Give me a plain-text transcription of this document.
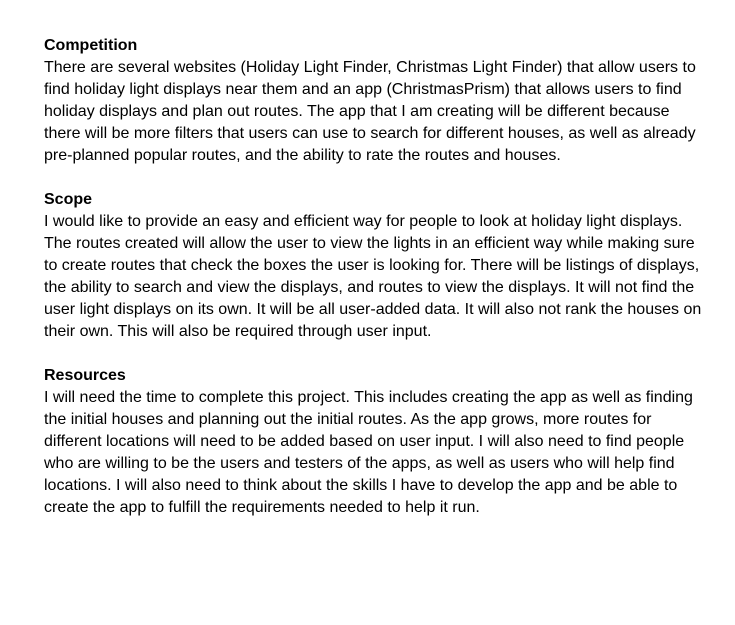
Competition

There are several websites (Holiday Light Finder, Christmas Light Finder) that allow users to find holiday light displays near them and an app (ChristmasPrism) that allows users to find holiday displays and plan out routes. The app that I am creating will be different because there will be more filters that users can use to search for different houses, as well as already pre-planned popular routes, and the ability to rate the routes and houses.

Scope

I would like to provide an easy and efficient way for people to look at holiday light displays. The routes created will allow the user to view the lights in an efficient way while making sure to create routes that check the boxes the user is looking for. There will be listings of displays, the ability to search and view the displays, and routes to view the displays. It will not find the user light displays on its own. It will be all user-added data. It will also not rank the houses on their own. This will also be required through user input.

Resources

I will need the time to complete this project. This includes creating the app as well as finding the initial houses and planning out the initial routes. As the app grows, more routes for different locations will need to be added based on user input. I will also need to find people who are willing to be the users and testers of the apps, as well as users who will help find locations. I will also need to think about the skills I have to develop the app and be able to create the app to fulfill the requirements needed to help it run.
